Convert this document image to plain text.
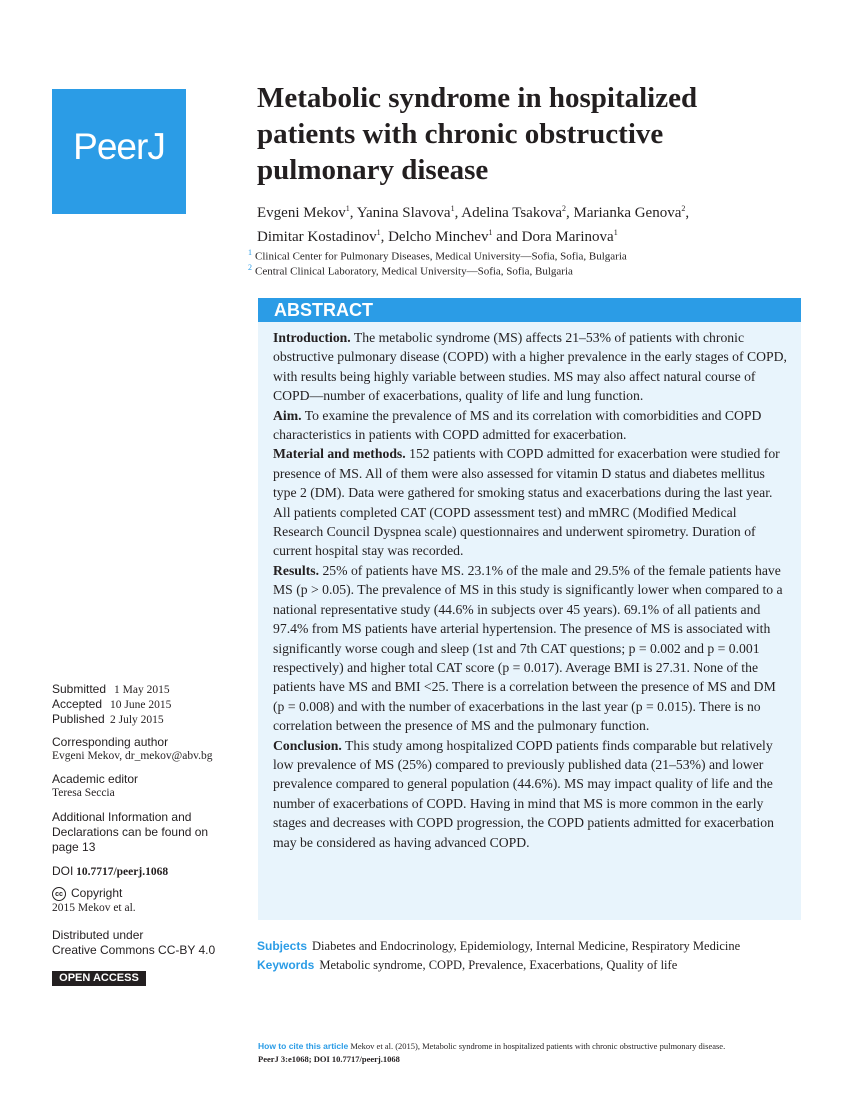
PeerJ
Metabolic syndrome in hospitalized patients with chronic obstructive pulmonary disease
Evgeni Mekov$^1$, Yanina Slavova$^1$, Adelina Tsakova$^2$, Marianka Genova$^2$,
Dimitar Kostadinov$^1$, Delcho Minchev$^1$ and Dora Marinova$^1$
$^1$ Clinical Center for Pulmonary Diseases, Medical University—Sofia, Sofia, Bulgaria
$^2$ Central Clinical Laboratory, Medical University—Sofia, Sofia, Bulgaria
ABSTRACT

Introduction. The metabolic syndrome (MS) affects 21–53% of patients with chronic obstructive pulmonary disease (COPD) with a higher prevalence in the early stages of COPD, with results being highly variable between studies. MS may also affect natural course of COPD—number of exacerbations, quality of life and lung function.

Aim. To examine the prevalence of MS and its correlation with comorbidities and COPD characteristics in patients with COPD admitted for exacerbation.

Material and methods. 152 patients with COPD admitted for exacerbation were studied for presence of MS. All of them were also assessed for vitamin D status and diabetes mellitus type 2 (DM). Data were gathered for smoking status and exacerbations during the last year. All patients completed CAT (COPD assessment test) and mMRC (Modified Medical Research Council Dyspnea scale) questionnaires and underwent spirometry. Duration of current hospital stay was recorded.

Results. 25% of patients have MS. 23.1% of the male and 29.5% of the female patients have MS (p > 0.05). The prevalence of MS in this study is significantly lower when compared to a national representative study (44.6% in subjects over 45 years). 69.1% of all patients and 97.4% from MS patients have arterial hypertension. The presence of MS is associated with significantly worse cough and sleep (1st and 7th CAT questions; p = 0.002 and p = 0.001 respectively) and higher total CAT score (p = 0.017). Average BMI is 27.31. None of the patients have MS and BMI <25. There is a correlation between the presence of MS and DM (p = 0.008) and with the number of exacerbations in the last year (p = 0.015). There is no correlation between the presence of MS and the pulmonary function.

Conclusion. This study among hospitalized COPD patients finds comparable but relatively low prevalence of MS (25%) compared to previously published data (21–53%) and lower prevalence compared to general population (44.6%). MS may impact quality of life and the number of exacerbations of COPD. Having in mind that MS is more common in the early stages and decreases with COPD progression, the COPD patients admitted for exacerbation may be considered as having advanced COPD.

Subjects Diabetes and Endocrinology, Epidemiology, Internal Medicine, Respiratory Medicine
Keywords Metabolic syndrome, COPD, Prevalence, Exacerbations, Quality of life
Submitted 1 May 2015
Accepted 10 June 2015
Published 2 July 2015
Corresponding author
Evgeni Mekov, dr_mekov@abv.bg
Academic editor
Teresa Seccia
Additional Information and
Declarations can be found on
page 13
DOI 10.7717/peerj.1068
cc Copyright
2015 Mekov et al.
Distributed under
Creative Commons CC-BY 4.0
OPEN ACCESS
How to cite this article Mekov et al. (2015), Metabolic syndrome in hospitalized patients with chronic obstructive pulmonary disease.
PeerJ 3:e1068; DOI 10.7717/peerj.1068
